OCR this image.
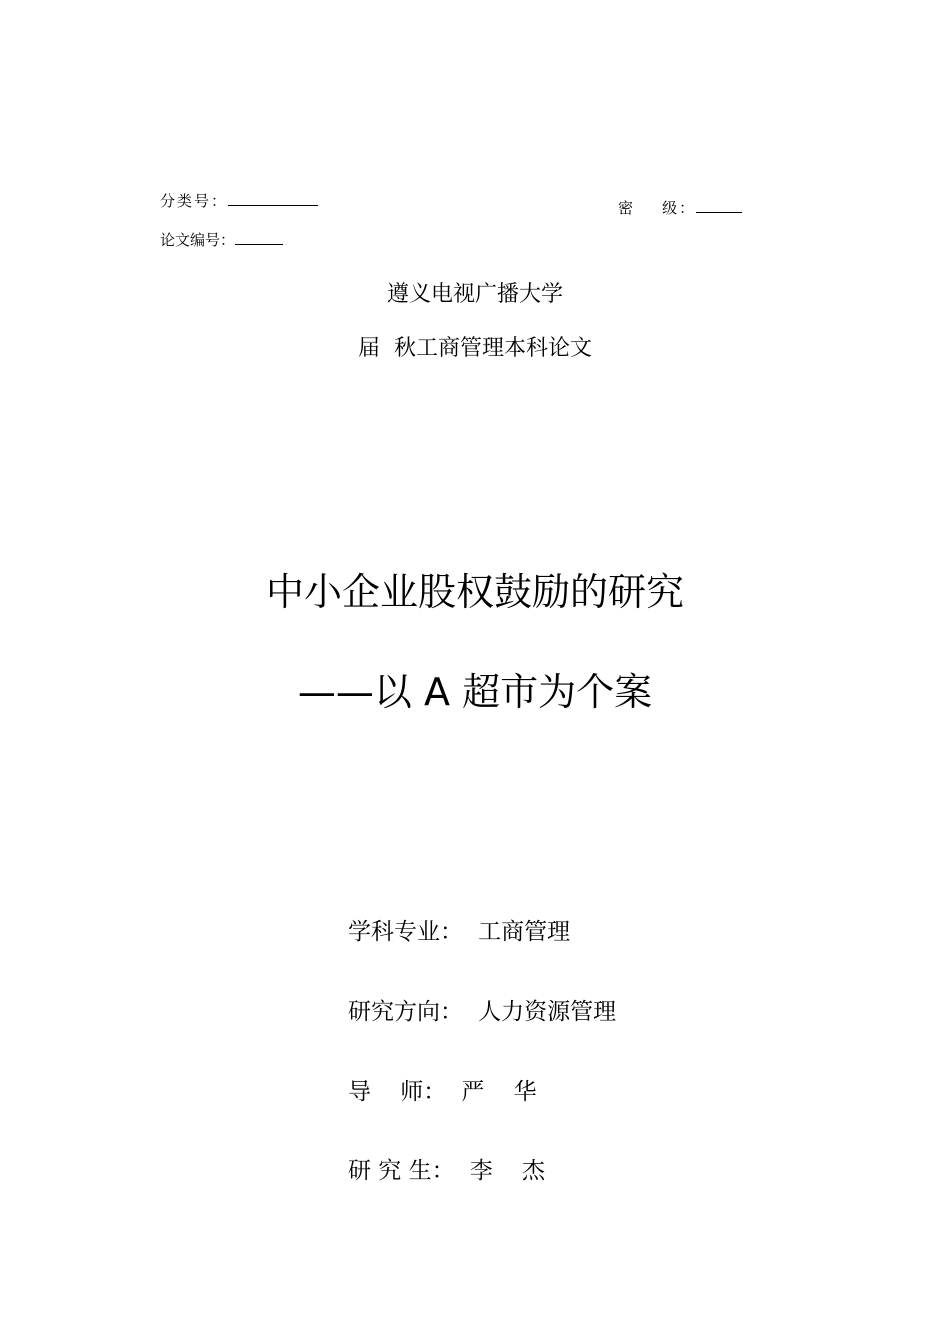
分类号：	密    级：
论文编号：
遵义电视广播大学
届  秋工商管理本科论文
中小企业股权鼓励的研究
——以 A 超市为个案
学科专业： 工商管理
研究方向： 人力资源管理
导    师： 严    华
研 究 生： 李    杰
